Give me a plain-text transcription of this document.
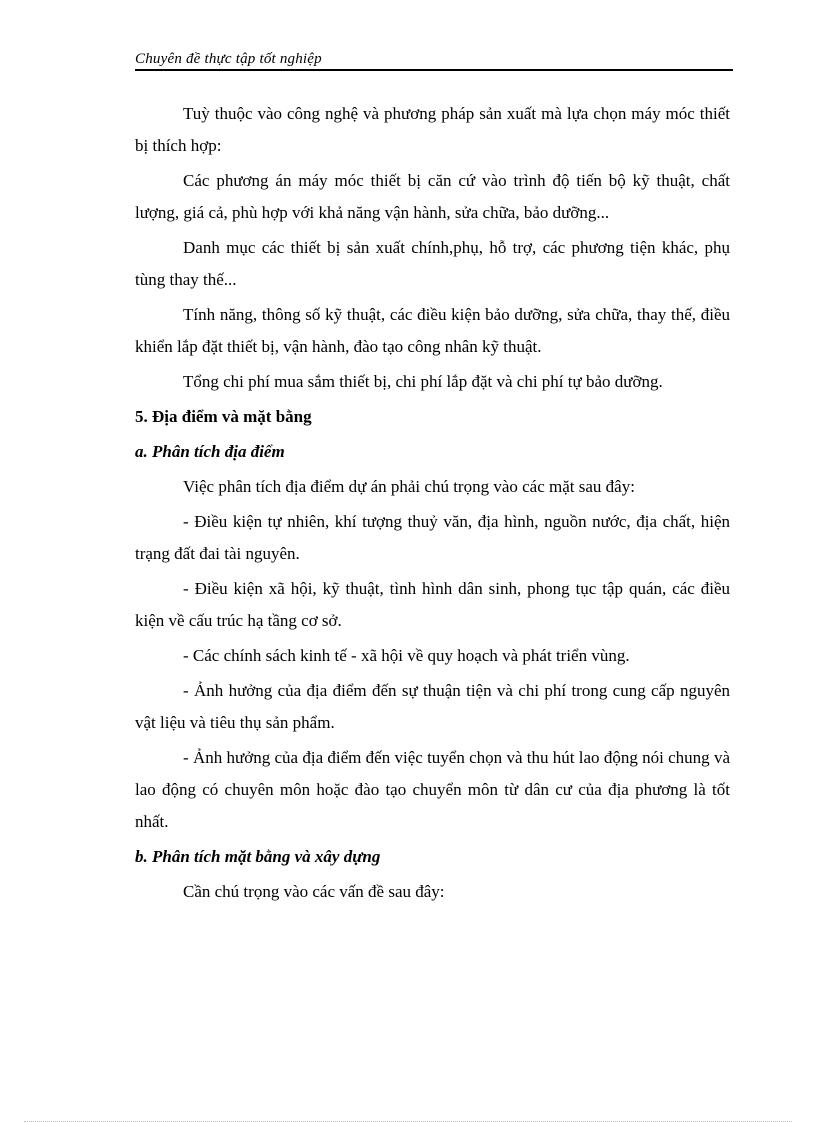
Chuyên đề thực tập tốt nghiệp

Tuỳ thuộc vào công nghệ và phương pháp sản xuất mà lựa chọn máy móc thiết bị thích hợp:

Các phương án máy móc thiết bị căn cứ vào trình độ tiến bộ kỹ thuật, chất lượng, giá cả, phù hợp với khả năng vận hành, sửa chữa, bảo dưỡng...

Danh mục các thiết bị sản xuất chính,phụ, hỗ trợ, các phương tiện khác, phụ tùng thay thế...

Tính năng, thông số kỹ thuật, các điều kiện bảo dưỡng, sửa chữa, thay thế, điều khiển lắp đặt thiết bị, vận hành, đào tạo công nhân kỹ thuật.

Tổng chi phí mua sắm thiết bị, chi phí lắp đặt và chi phí tự bảo dưỡng.

5. Địa điểm và mặt bằng
a. Phân tích địa điểm

Việc phân tích địa điểm dự án phải chú trọng vào các mặt sau đây:

- Điều kiện tự nhiên, khí tượng thuỷ văn, địa hình, nguồn nước, địa chất, hiện trạng đất đai tài nguyên.

- Điều kiện xã hội, kỹ thuật, tình hình dân sinh, phong tục tập quán, các điều kiện về cấu trúc hạ tầng cơ sở.

- Các chính sách kinh tế - xã hội về quy hoạch và phát triển vùng.

- Ảnh hưởng của địa điểm đến sự thuận tiện và chi phí trong cung cấp nguyên vật liệu và tiêu thụ sản phẩm.

- Ảnh hưởng của địa điểm đến việc tuyển chọn và thu hút lao động nói chung và lao động có chuyên môn hoặc đào tạo chuyển môn từ dân cư của địa phương là tốt nhất.

b. Phân tích mặt bằng và xây dựng

Cần chú trọng vào các vấn đề sau đây:
